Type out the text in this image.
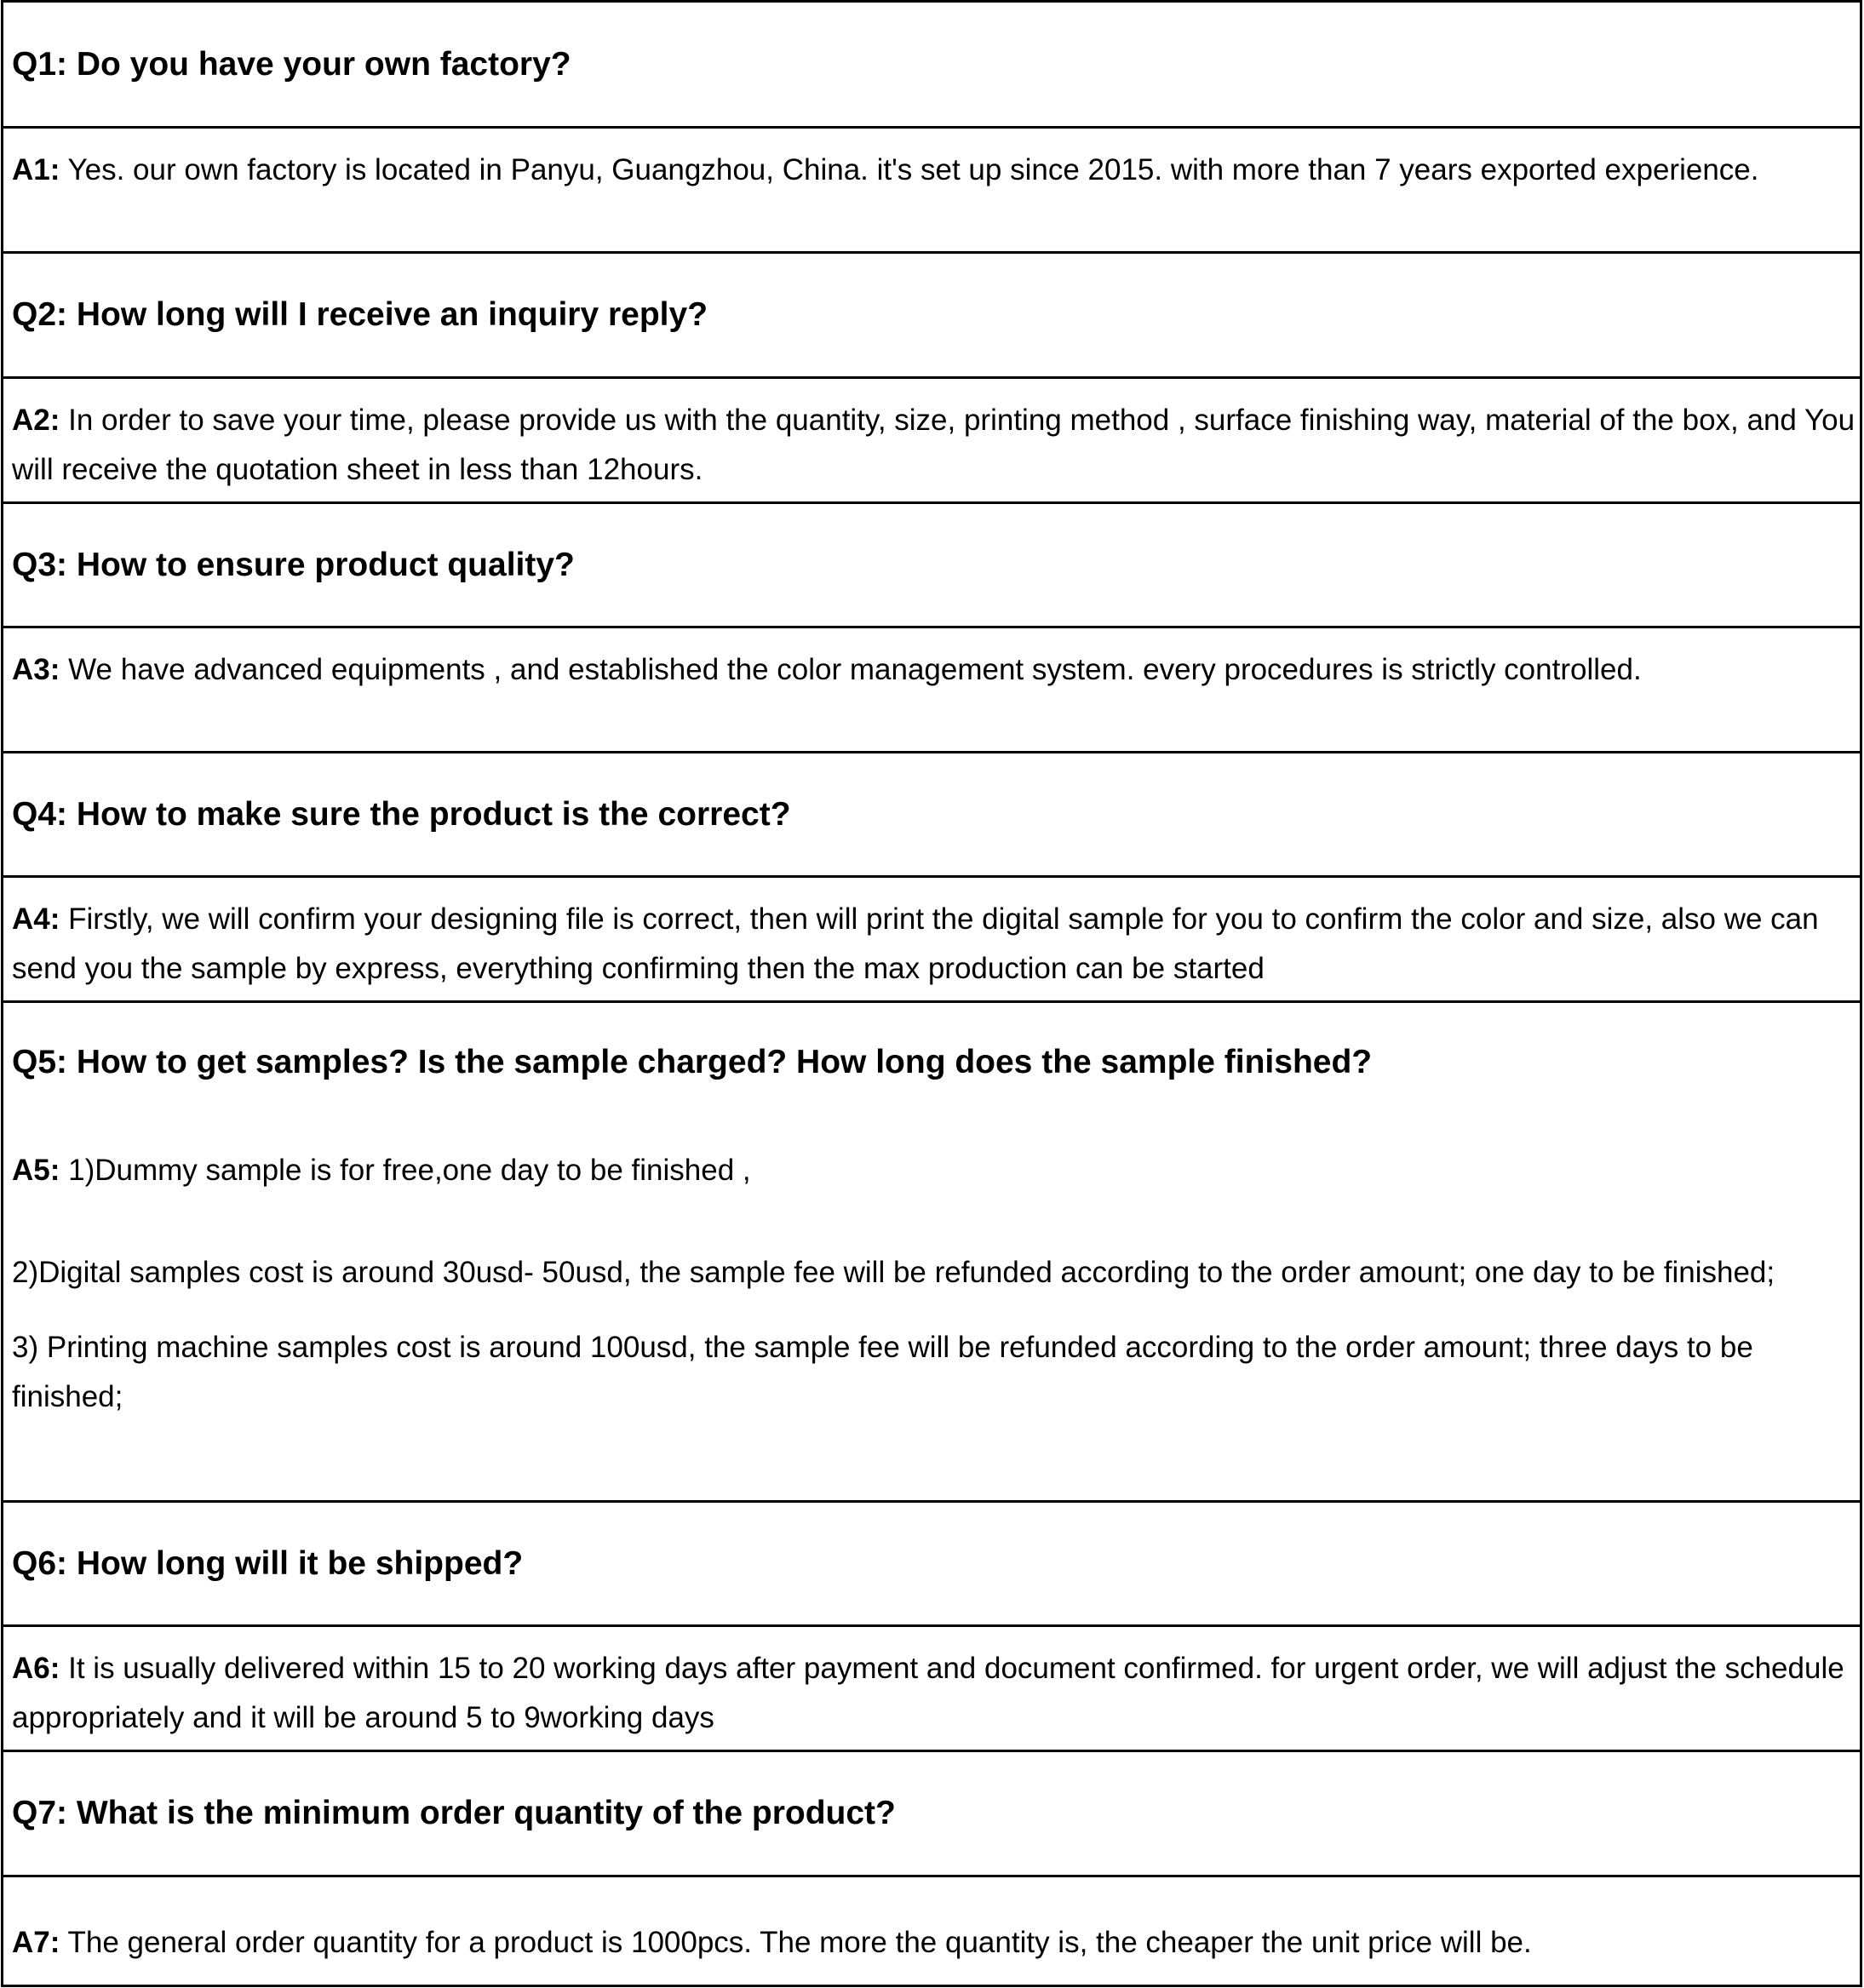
Q1: Do you have your own factory?
A1: Yes. our own factory is located in Panyu, Guangzhou, China. it's set up since 2015. with more than 7 years exported experience.
Q2: How long will I receive an inquiry reply?
A2: In order to save your time, please provide us with the quantity, size, printing method , surface finishing way, material of the box, and You will receive the quotation sheet in less than 12hours.
Q3: How to ensure product quality?
A3: We have advanced equipments , and established the color management system. every procedures is strictly controlled.
Q4: How to make sure the product is the correct?
A4: Firstly, we will confirm your designing file is correct, then will print the digital sample for you to confirm the color and size, also we can send you the sample by express, everything confirming then the max production can be started
Q5: How to get samples? Is the sample charged? How long does the sample finished?

A5: 1)Dummy sample is for free,one day to be finished ,

2)Digital samples cost is around 30usd- 50usd, the sample fee will be refunded according to the order amount; one day to be finished;

3) Printing machine samples cost is around 100usd, the sample fee will be refunded according to the order amount; three days to be finished;

Q6: How long will it be shipped?
A6: It is usually delivered within 15 to 20 working days after payment and document confirmed. for urgent order, we will adjust the schedule appropriately and it will be around 5 to 9working days
Q7: What is the minimum order quantity of the product?
A7: The general order quantity for a product is 1000pcs. The more the quantity is, the cheaper the unit price will be.
